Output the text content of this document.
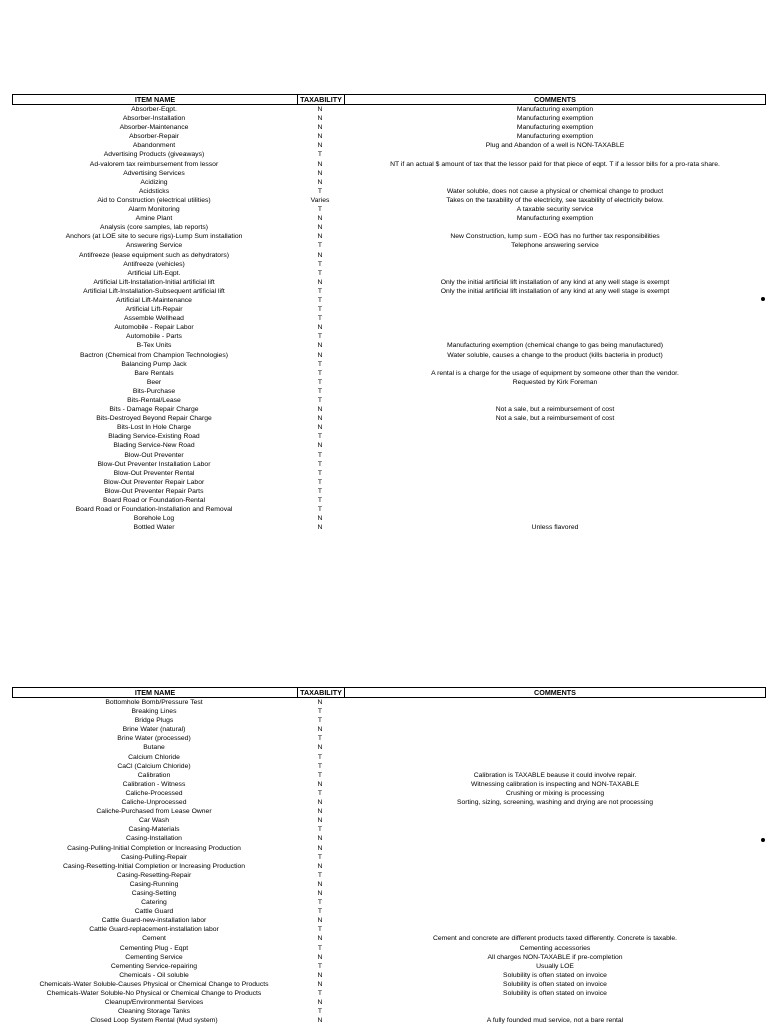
ITEM NAME	TAXABILITY	COMMENTS
Absorber-Eqpt.	N	Manufacturing exemption
Absorber-Installation	N	Manufacturing exemption
Absorber-Maintenance	N	Manufacturing exemption
Absorber-Repair	N	Manufacturing exemption
Abandonment	N	Plug and Abandon of a well is NON-TAXABLE
Advertising Products (giveaways)	T
Ad-valorem tax reimbursement from lessor	N	NT if an actual $ amount of tax that the lessor paid for that piece of eqpt. T if a lessor bills for a pro-rata share.
Advertising Services	N
Acidizing	N
Acidsticks	T	Water soluble, does not cause a physical or chemical change to product
Aid to Construction (electrical utilities)	Varies	Takes on the taxability of the electricity, see taxability of electricity below.
Alarm Monitoring	T	A taxable security service
Amine Plant	N	Manufacturing exemption
Analysis (core samples, lab reports)	N
Anchors (at LOE site to secure rigs)-Lump Sum installation	N	New Construction, lump sum - EOG has no further tax responsibilities
Answering Service	T	Telephone answering service
Antifreeze (lease equipment such as dehydrators)	N
Antifreeze (vehicles)	T
Artificial Lift-Eqpt.	T
Artificial Lift-Installation-Initial artificial lift	N	Only the initial artificial lift installation of any kind at any well stage is exempt
Artificial Lift-Installation-Subsequent artificial lift	T	Only the initial artificial lift installation of any kind at any well stage is exempt
Artificial Lift-Maintenance	T
Artificial Lift-Repair	T
Assemble Wellhead	T
Automobile - Repair Labor	N
Automobile - Parts	T
B-Tex Units	N	Manufacturing exemption (chemical change to gas being manufactured)
Bactron (Chemical from Champion Technologies)	N	Water soluble, causes a change to the product (kills bacteria in product)
Balancing Pump Jack	T
Bare Rentals	T	A rental is a charge for the usage of equipment by someone other than the vendor.
Beer	T	Requested by Kirk Foreman
Bits-Purchase	T
Bits-Rental/Lease	T
Bits - Damage Repair Charge	N	Not a sale, but a reimbursement of cost
Bits-Destroyed Beyond Repair Charge	N	Not a sale, but a reimbursement of cost
Bits-Lost In Hole Charge	N
Blading Service-Existing Road	T
Blading Service-New Road	N
Blow-Out Preventer	T
Blow-Out Preventer Installation Labor	T
Blow-Out Preventer Rental	T
Blow-Out Preventer Repair Labor	T
Blow-Out Preventer Repair Parts	T
Board Road or Foundation-Rental	T
Board Road or Foundation-Installation and Removal	T
Borehole Log	N
Bottled Water	N	Unless flavored
ITEM NAME	TAXABILITY	COMMENTS
Bottomhole Bomb/Pressure Test	N
Breaking Lines	T
Bridge Plugs	T
Brine Water (natural)	N
Brine Water (processed)	T
Butane	N
Calcium Chloride	T
CaCl (Calcium Chloride)	T
Calibration	T	Calibration is TAXABLE beause it could involve repair.
Calibration - Witness	N	Witnessing calibration is inspecting and NON-TAXABLE
Caliche-Processed	T	Crushing or mixing is processing
Caliche-Unprocessed	N	Sorting, sizing, screening, washing and drying are not processing
Caliche-Purchased from Lease Owner	N
Car Wash	N
Casing-Materials	T
Casing-Installation	N
Casing-Pulling-Initial Completion or Increasing Production	N
Casing-Pulling-Repair	T
Casing-Resetting-Initial Completion or Increasing Production	N
Casing-Resetting-Repair	T
Casing-Running	N
Casing-Setting	N
Catering	T
Cattle Guard	T
Cattle Guard-new-installation labor	N
Cattle Guard-replacement-installation labor	T
Cement	N	Cement and concrete are different products taxed differently. Concrete is taxable.
Cementing Plug - Eqpt	T	Cementing accessories
Cementing Service	N	All charges NON-TAXABLE if pre-completion
Cementing Service-repairing	T	Usually LOE
Chemicals - Oil soluble	N	Solubility is often stated on invoice
Chemicals-Water Soluble-Causes Physical or Chemical Change to Products	N	Solubility is often stated on invoice
Chemicals-Water Soluble-No Physical or Chemical Change to Products	T	Solubility is often stated on invoice
Cleanup/Environmental Services	N
Cleaning Storage Tanks	T
Closed Loop System Rental (Mud system)	N	A fully founded mud service, not a bare rental
